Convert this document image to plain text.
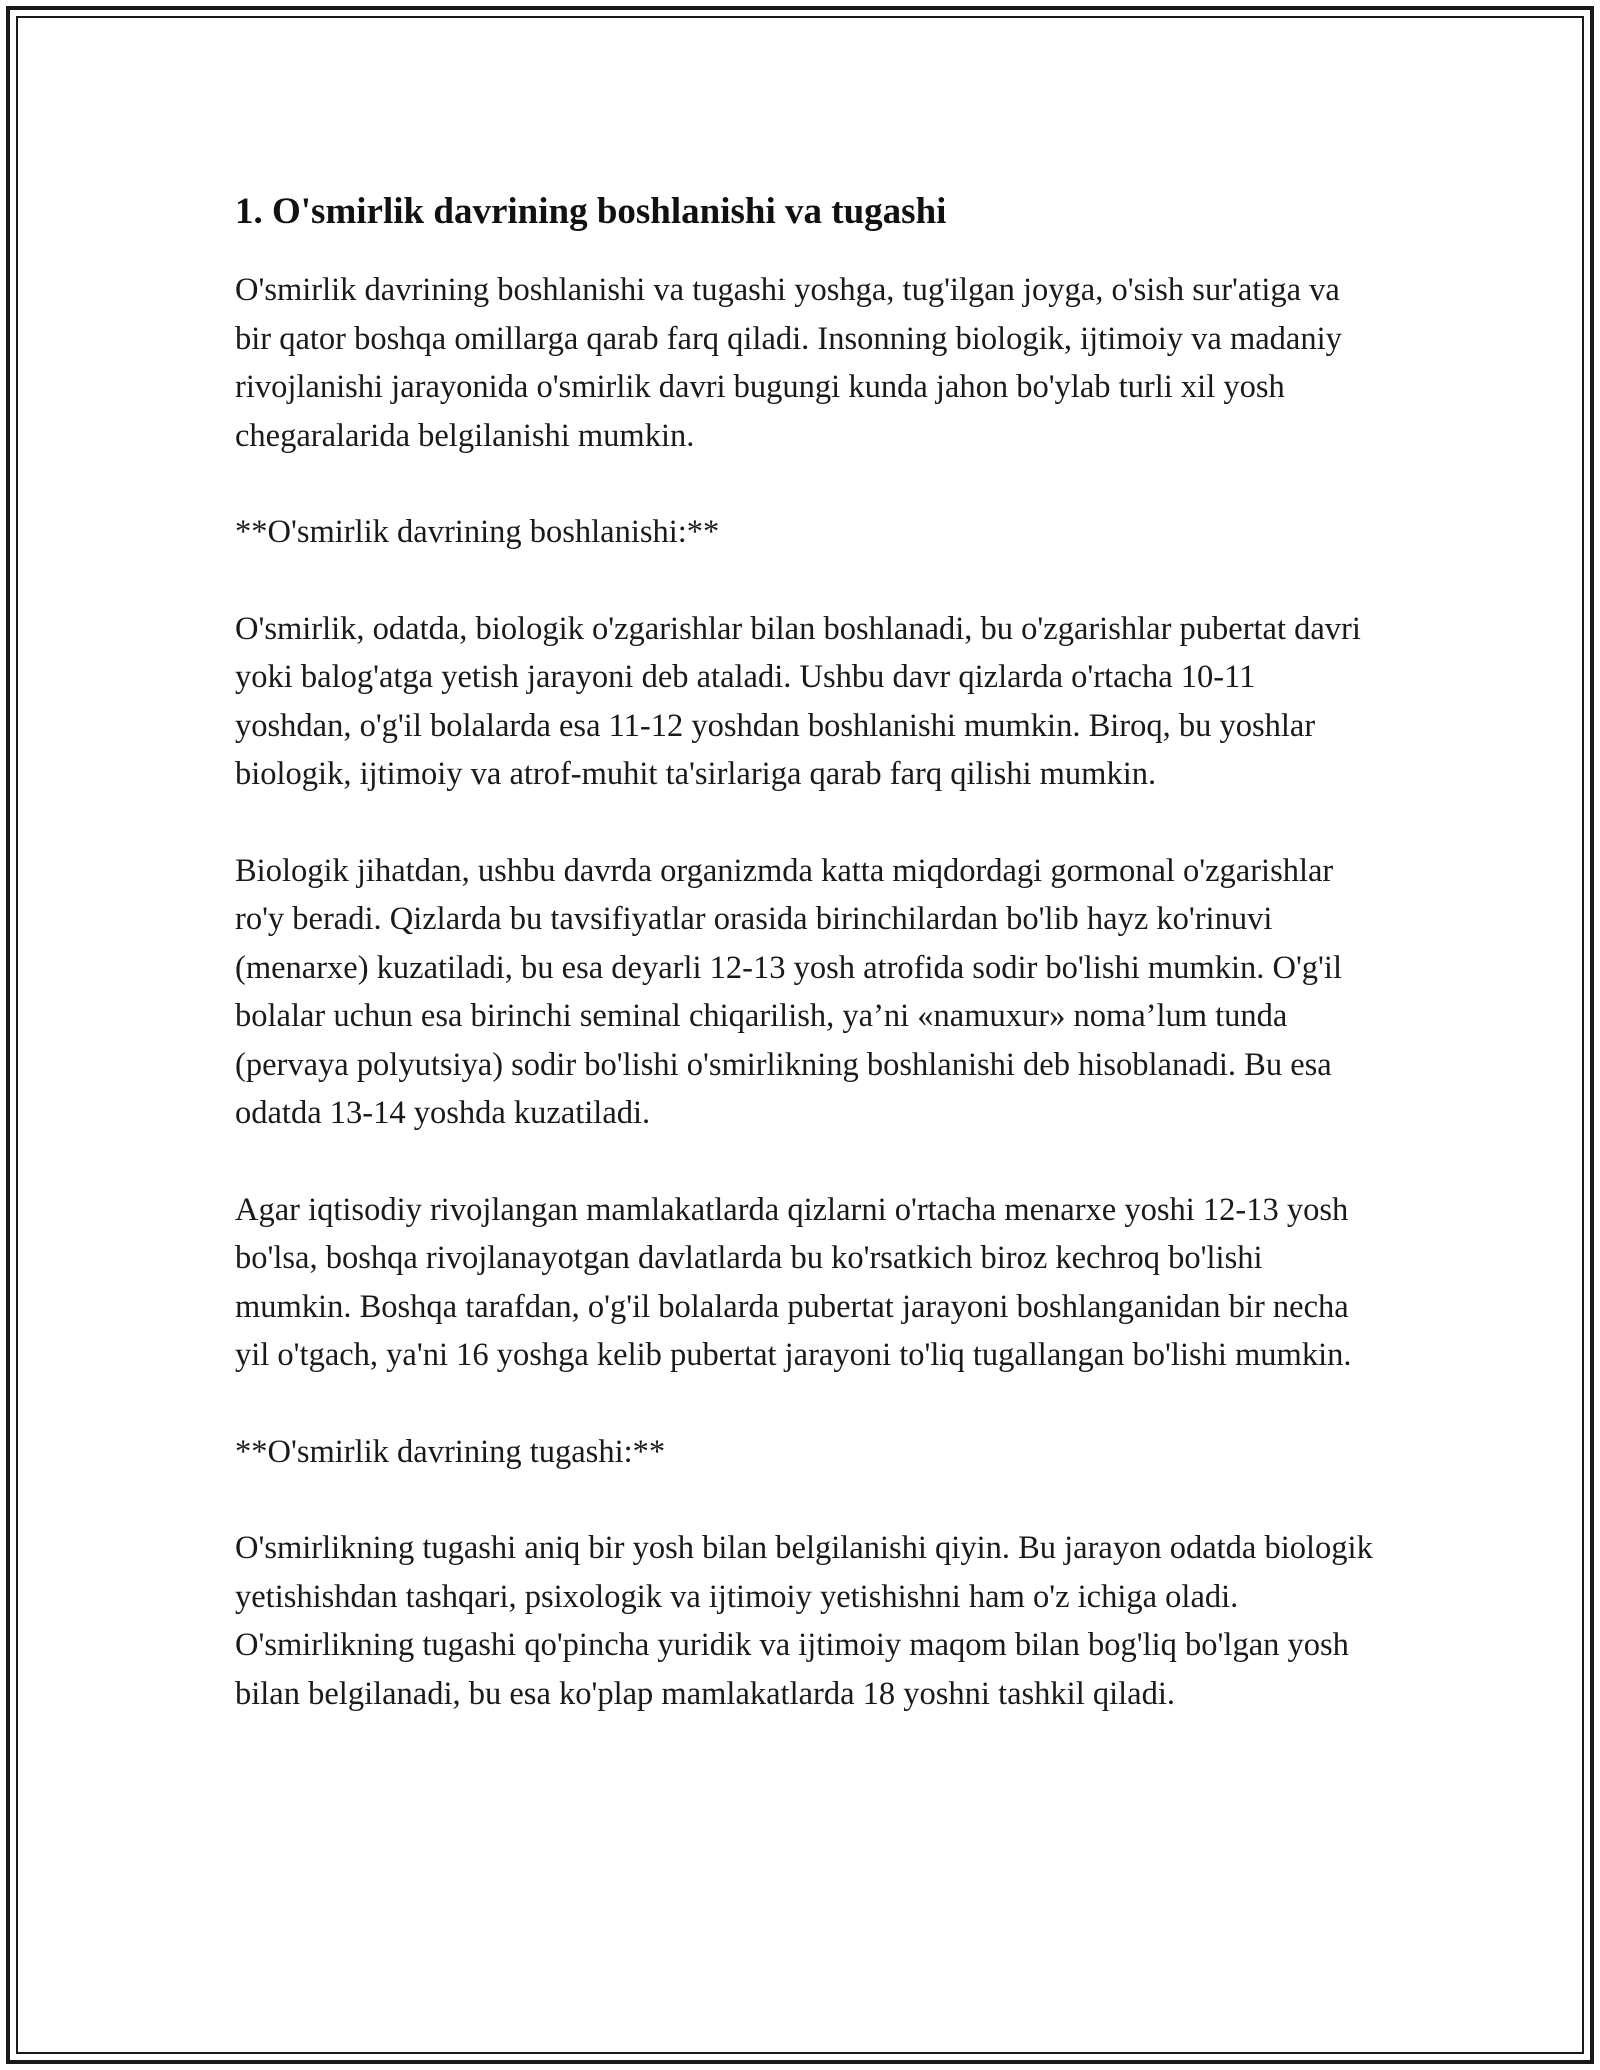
1. O'smirlik davrining boshlanishi va tugashi

O'smirlik davrining boshlanishi va tugashi yoshga, tug'ilgan joyga, o'sish sur'atiga va bir qator boshqa omillarga qarab farq qiladi. Insonning biologik, ijtimoiy va madaniy rivojlanishi jarayonida o'smirlik davri bugungi kunda jahon bo'ylab turli xil yosh chegaralarida belgilanishi mumkin.

**O'smirlik davrining boshlanishi:**

O'smirlik, odatda, biologik o'zgarishlar bilan boshlanadi, bu o'zgarishlar pubertat davri yoki balog'atga yetish jarayoni deb ataladi. Ushbu davr qizlarda o'rtacha 10-11 yoshdan, o'g'il bolalarda esa 11-12 yoshdan boshlanishi mumkin. Biroq, bu yoshlar biologik, ijtimoiy va atrof-muhit ta'sirlariga qarab farq qilishi mumkin.

Biologik jihatdan, ushbu davrda organizmda katta miqdordagi gormonal o'zgarishlar ro'y beradi. Qizlarda bu tavsifiyatlar orasida birinchilardan bo'lib hayz ko'rinuvi (menarxe) kuzatiladi, bu esa deyarli 12-13 yosh atrofida sodir bo'lishi mumkin. O'g'il bolalar uchun esa birinchi seminal chiqarilish, ya’ni «namuxur» noma’lum tunda (pervaya polyutsiya) sodir bo'lishi o'smirlikning boshlanishi deb hisoblanadi. Bu esa odatda 13-14 yoshda kuzatiladi.

Agar iqtisodiy rivojlangan mamlakatlarda qizlarni o'rtacha menarxe yoshi 12-13 yosh bo'lsa, boshqa rivojlanayotgan davlatlarda bu ko'rsatkich biroz kechroq bo'lishi mumkin. Boshqa tarafdan, o'g'il bolalarda pubertat jarayoni boshlanganidan bir necha yil o'tgach, ya'ni 16 yoshga kelib pubertat jarayoni to'liq tugallangan bo'lishi mumkin.

**O'smirlik davrining tugashi:**

O'smirlikning tugashi aniq bir yosh bilan belgilanishi qiyin. Bu jarayon odatda biologik yetishishdan tashqari, psixologik va ijtimoiy yetishishni ham o'z ichiga oladi. O'smirlikning tugashi qo'pincha yuridik va ijtimoiy maqom bilan bog'liq bo'lgan yosh bilan belgilanadi, bu esa ko'plap mamlakatlarda 18 yoshni tashkil qiladi.
